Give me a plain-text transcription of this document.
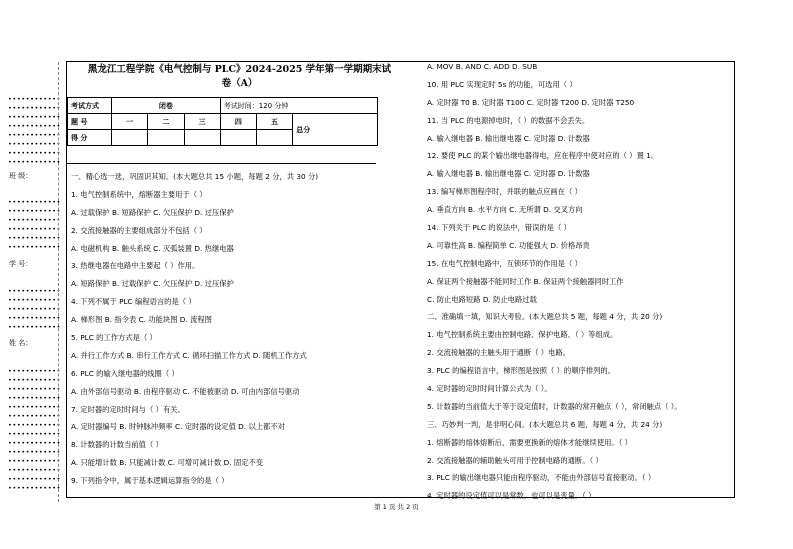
••••••••••••
••••••••••••
••••••••••••
••••••••••••
••••••••••••
••••••••••••
••••••••••••
••••••••••••
班 级：
••••••••••••
••••••••••••
••••••••••••
••••••••••••
••••••••••••
••••••••••••
学 号：
••••••••••••
••••••••••••
••••••••••••
••••••••••••
••••••••••••
姓 名：
••••••••••••
••••••••••••
••••••••••••
••••••••••••
••••••••••••
••••••••••••
••••••••••••
••••••••••••
••••••••••••
••••••••••••
••••••••••••
••••••••••••
••••••••••••
••••••••••••
黑龙江工程学院《电气控制与 PLC》2024-2025 学年第一学期期末试
卷（A）
考试方式	闭卷			考试时间：120 分钟		
题 号	一	二	三	四	五	总分
得 分						
一、精心选一选，巩固识其知。(本大题总共 15 小题，每题 2 分，共 30 分)
1. 电气控制系统中，熔断器主要用于（ ）
A. 过载保护 B. 短路保护 C. 欠压保护 D. 过压保护
2. 交流接触器的主要组成部分不包括（ ）
A. 电磁机构 B. 触头系统 C. 灭弧装置 D. 热继电器
3. 热继电器在电路中主要起（ ）作用。
A. 短路保护 B. 过载保护 C. 欠压保护 D. 过压保护
4. 下列不属于 PLC 编程语言的是（ ）
A. 梯形图 B. 指令表 C. 功能块图 D. 流程图
5. PLC 的工作方式是（ ）
A. 并行工作方式 B. 串行工作方式 C. 循环扫描工作方式 D. 随机工作方式
6. PLC 的输入继电器的线圈（ ）
A. 由外部信号驱动 B. 由程序驱动 C. 不能被驱动 D. 可由内部信号驱动
7. 定时器的定时时间与（ ）有关。
A. 定时器编号 B. 时钟脉冲频率 C. 定时器的设定值 D. 以上都不对
8. 计数器的计数当前值（ ）
A. 只能增计数 B. 只能减计数 C. 可增可减计数 D. 固定不变
9. 下列指令中，属于基本逻辑运算指令的是（ ）
A. MOV B. AND C. ADD D. SUB
10. 用 PLC 实现定时 5s 的功能，可选用（ ）
A. 定时器 T0 B. 定时器 T100 C. 定时器 T200 D. 定时器 T250
11. 当 PLC 的电源掉电时，（ ）的数据不会丢失。
A. 输入继电器 B. 输出继电器 C. 定时器 D. 计数器
12. 要使 PLC 的某个输出继电器得电，应在程序中使对应的（ ）置 1。
A. 输入继电器 B. 输出继电器 C. 定时器 D. 计数器
13. 编写梯形图程序时，并联的触点应画在（ ）
A. 垂直方向 B. 水平方向 C. 无所谓 D. 交叉方向
14. 下列关于 PLC 的说法中，错误的是（ ）
A. 可靠性高 B. 编程简单 C. 功能强大 D. 价格昂贵
15. 在电气控制电路中，互锁环节的作用是（ ）
A. 保证两个接触器不能同时工作 B. 保证两个接触器同时工作
C. 防止电路短路 D. 防止电路过载
二、准确填一填，知识大考验。(本大题总共 5 题，每题 4 分，共 20 分)
1. 电气控制系统主要由控制电路、保护电路、（ ）等组成。
2. 交流接触器的主触头用于通断（ ）电路。
3. PLC 的编程语言中，梯形图是按照（ ）的顺序排列的。
4. 定时器的定时时间计算公式为（ ）。
5. 计数器的当前值大于等于设定值时，计数器的常开触点（ ），常闭触点（ ）。
三、巧妙判一判，是非明心间。(本大题总共 6 题，每题 4 分，共 24 分)
1. 熔断器的熔体熔断后，需要更换新的熔体才能继续使用。（ ）
2. 交流接触器的辅助触头可用于控制电路的通断。（ ）
3. PLC 的输出继电器只能由程序驱动，不能由外部信号直接驱动。（ ）
4. 定时器的设定值可以是常数，也可以是变量。（ ）
第 1 页 共 2 页
